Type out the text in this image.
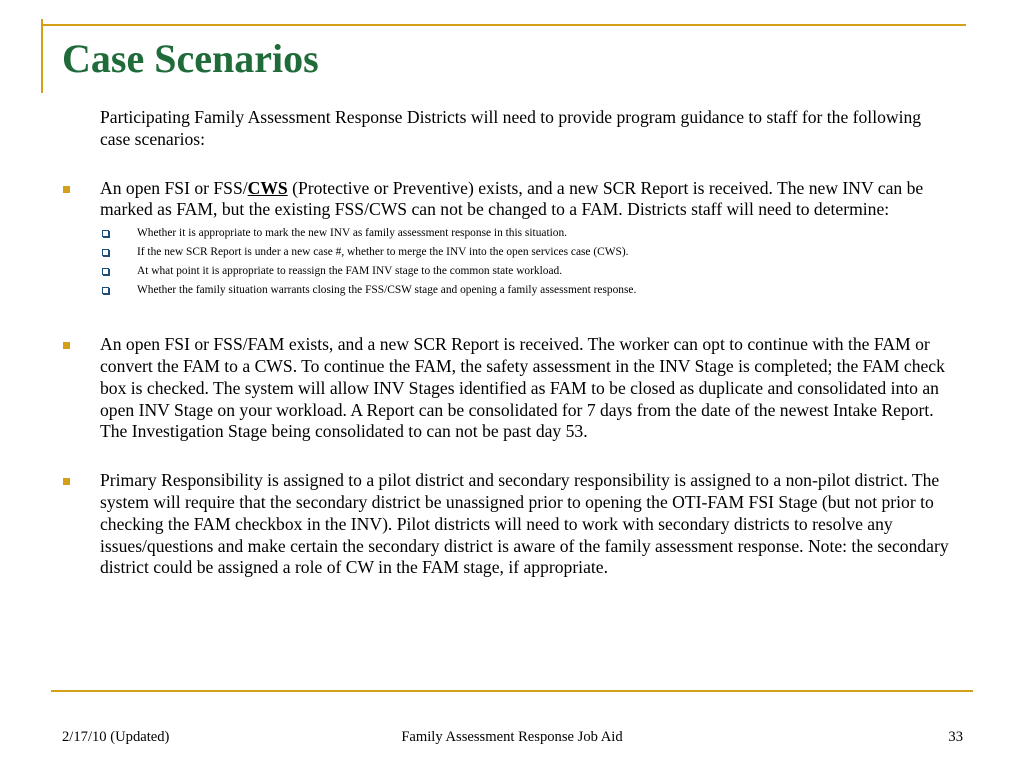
Case Scenarios

Participating Family Assessment Response Districts will need to provide program guidance to staff for the following case scenarios:

An open FSI or FSS/CWS (Protective or Preventive) exists, and a new SCR Report is received. The new INV can be marked as FAM, but the existing FSS/CWS can not be changed to a FAM. Districts staff will need to determine:
Whether it is appropriate to mark the new INV as family assessment response in this situation.
If the new SCR Report is under a new case #, whether to merge the INV into the open services case (CWS).
At what point it is appropriate to reassign the FAM INV stage to the common state workload.
Whether the family situation warrants closing the FSS/CSW stage and opening a family assessment response.
An open FSI or FSS/FAM exists, and a new SCR Report is received. The worker can opt to continue with the FAM or convert the FAM to a CWS. To continue the FAM, the safety assessment in the INV Stage is completed; the FAM check box is checked. The system will allow INV Stages identified as FAM to be closed as duplicate and consolidated into an open INV Stage on your workload. A Report can be consolidated for 7 days from the date of the newest Intake Report. The Investigation Stage being consolidated to can not be past day 53.
Primary Responsibility is assigned to a pilot district and secondary responsibility is assigned to a non-pilot district. The system will require that the secondary district be unassigned prior to opening the OTI-FAM FSI Stage (but not prior to checking the FAM checkbox in the INV). Pilot districts will need to work with secondary districts to resolve any issues/questions and make certain the secondary district is aware of the family assessment response. Note: the secondary district could be assigned a role of CW in the FAM stage, if appropriate.
2/17/10 (Updated)	Family Assessment Response Job Aid	33
